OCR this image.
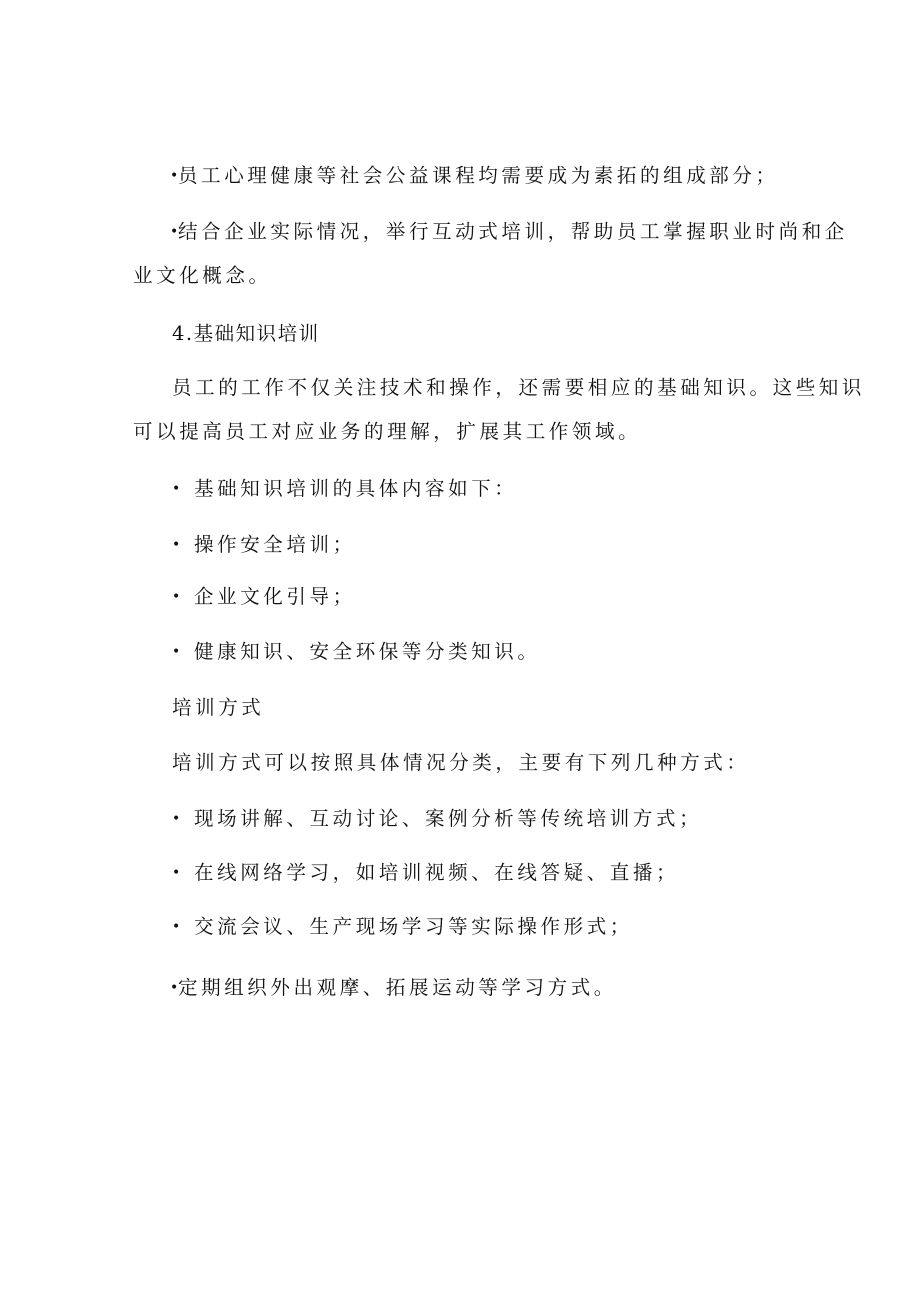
• 员工心理健康等社会公益课程均需要成为素拓的组成部分；
• 结合企业实际情况，举行互动式培训，帮助员工掌握职业时尚和企
业文化概念。
4.基础知识培训
员工的工作不仅关注技术和操作，还需要相应的基础知识。这些知识
可以提高员工对应业务的理解，扩展其工作领域。
• 基础知识培训的具体内容如下：
• 操作安全培训；
• 企业文化引导；
• 健康知识、安全环保等分类知识。
培训方式
培训方式可以按照具体情况分类，主要有下列几种方式：
• 现场讲解、互动讨论、案例分析等传统培训方式；
• 在线网络学习，如培训视频、在线答疑、直播；
• 交流会议、生产现场学习等实际操作形式；
• 定期组织外出观摩、拓展运动等学习方式。
